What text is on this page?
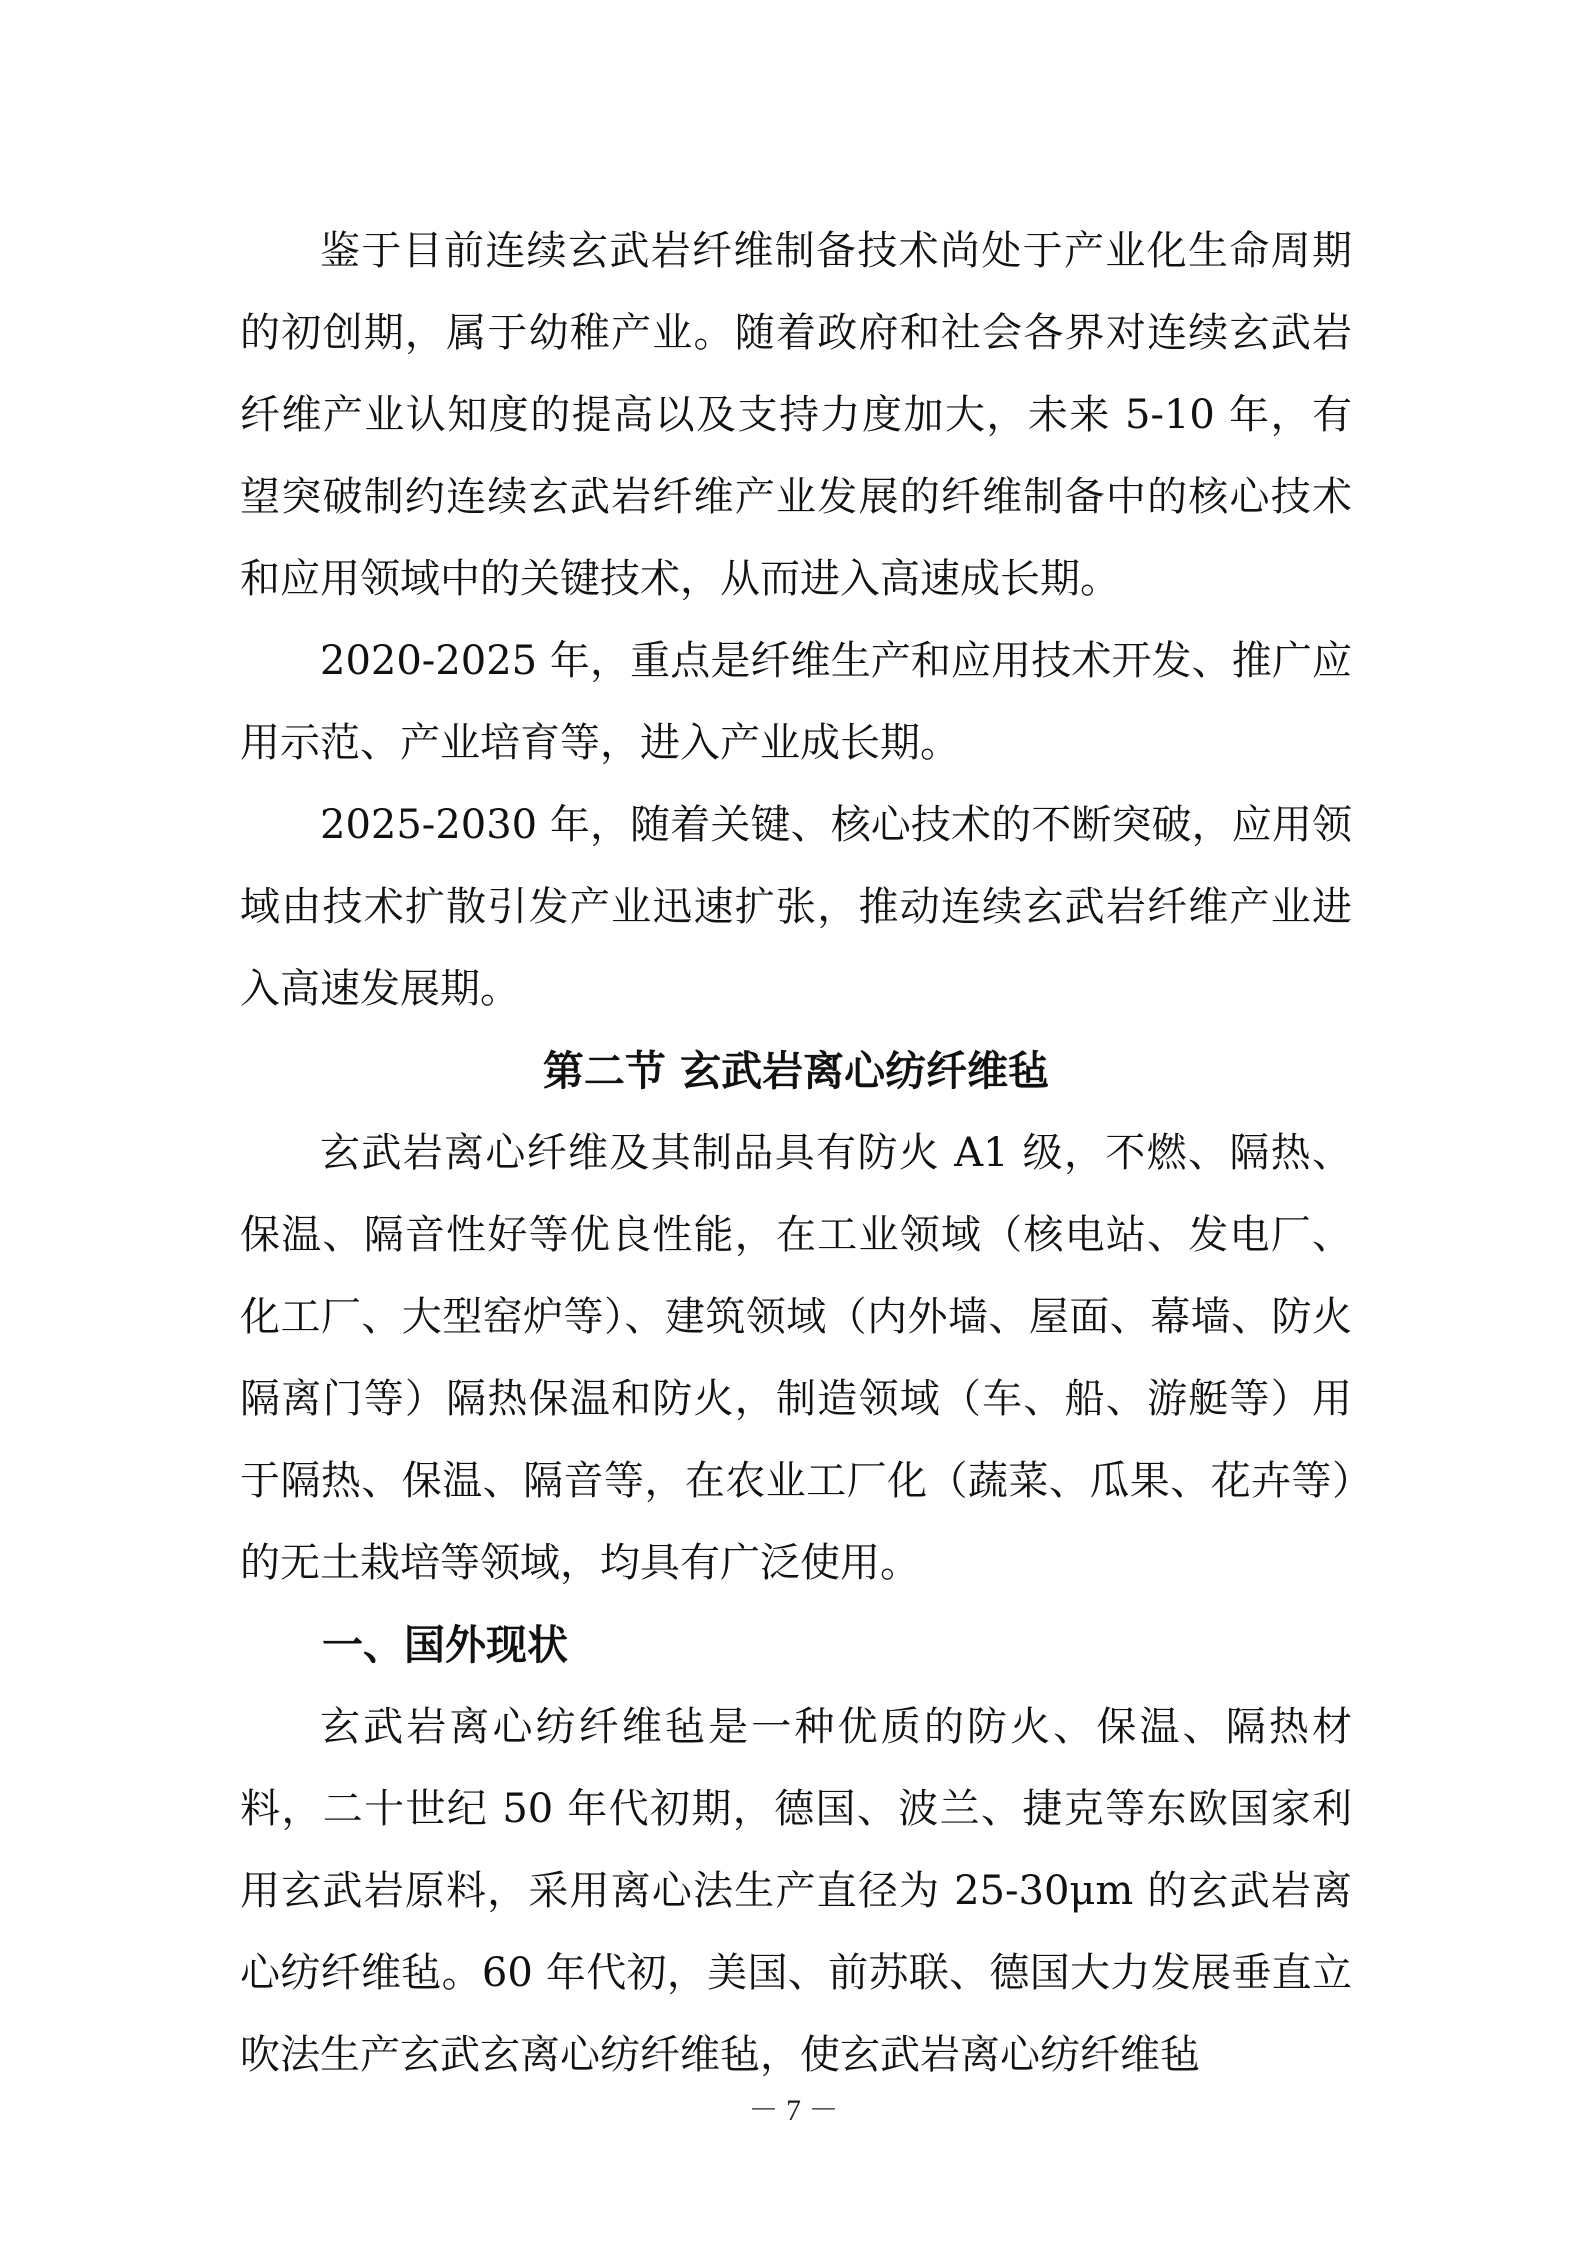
鉴于目前连续玄武岩纤维制备技术尚处于产业化生命周期的初创期，属于幼稚产业。随着政府和社会各界对连续玄武岩纤维产业认知度的提高以及支持力度加大，未来 5-10 年，有望突破制约连续玄武岩纤维产业发展的纤维制备中的核心技术和应用领域中的关键技术，从而进入高速成长期。

2020-2025 年，重点是纤维生产和应用技术开发、推广应用示范、产业培育等，进入产业成长期。

2025-2030 年，随着关键、核心技术的不断突破，应用领域由技术扩散引发产业迅速扩张，推动连续玄武岩纤维产业进入高速发展期。

第二节 玄武岩离心纺纤维毡

玄武岩离心纤维及其制品具有防火 A1 级，不燃、隔热、保温、隔音性好等优良性能，在工业领域（核电站、发电厂、化工厂、大型窑炉等）、建筑领域（内外墙、屋面、幕墙、防火隔离门等）隔热保温和防火，制造领域（车、船、游艇等）用于隔热、保温、隔音等，在农业工厂化（蔬菜、瓜果、花卉等）的无土栽培等领域，均具有广泛使用。

一、国外现状

玄武岩离心纺纤维毡是一种优质的防火、保温、隔热材料，二十世纪 50 年代初期，德国、波兰、捷克等东欧国家利用玄武岩原料，采用离心法生产直径为 25-30μm 的玄武岩离心纺纤维毡。60 年代初，美国、前苏联、德国大力发展垂直立吹法生产玄武玄离心纺纤维毡，使玄武岩离心纺纤维毡

－ 7 －
